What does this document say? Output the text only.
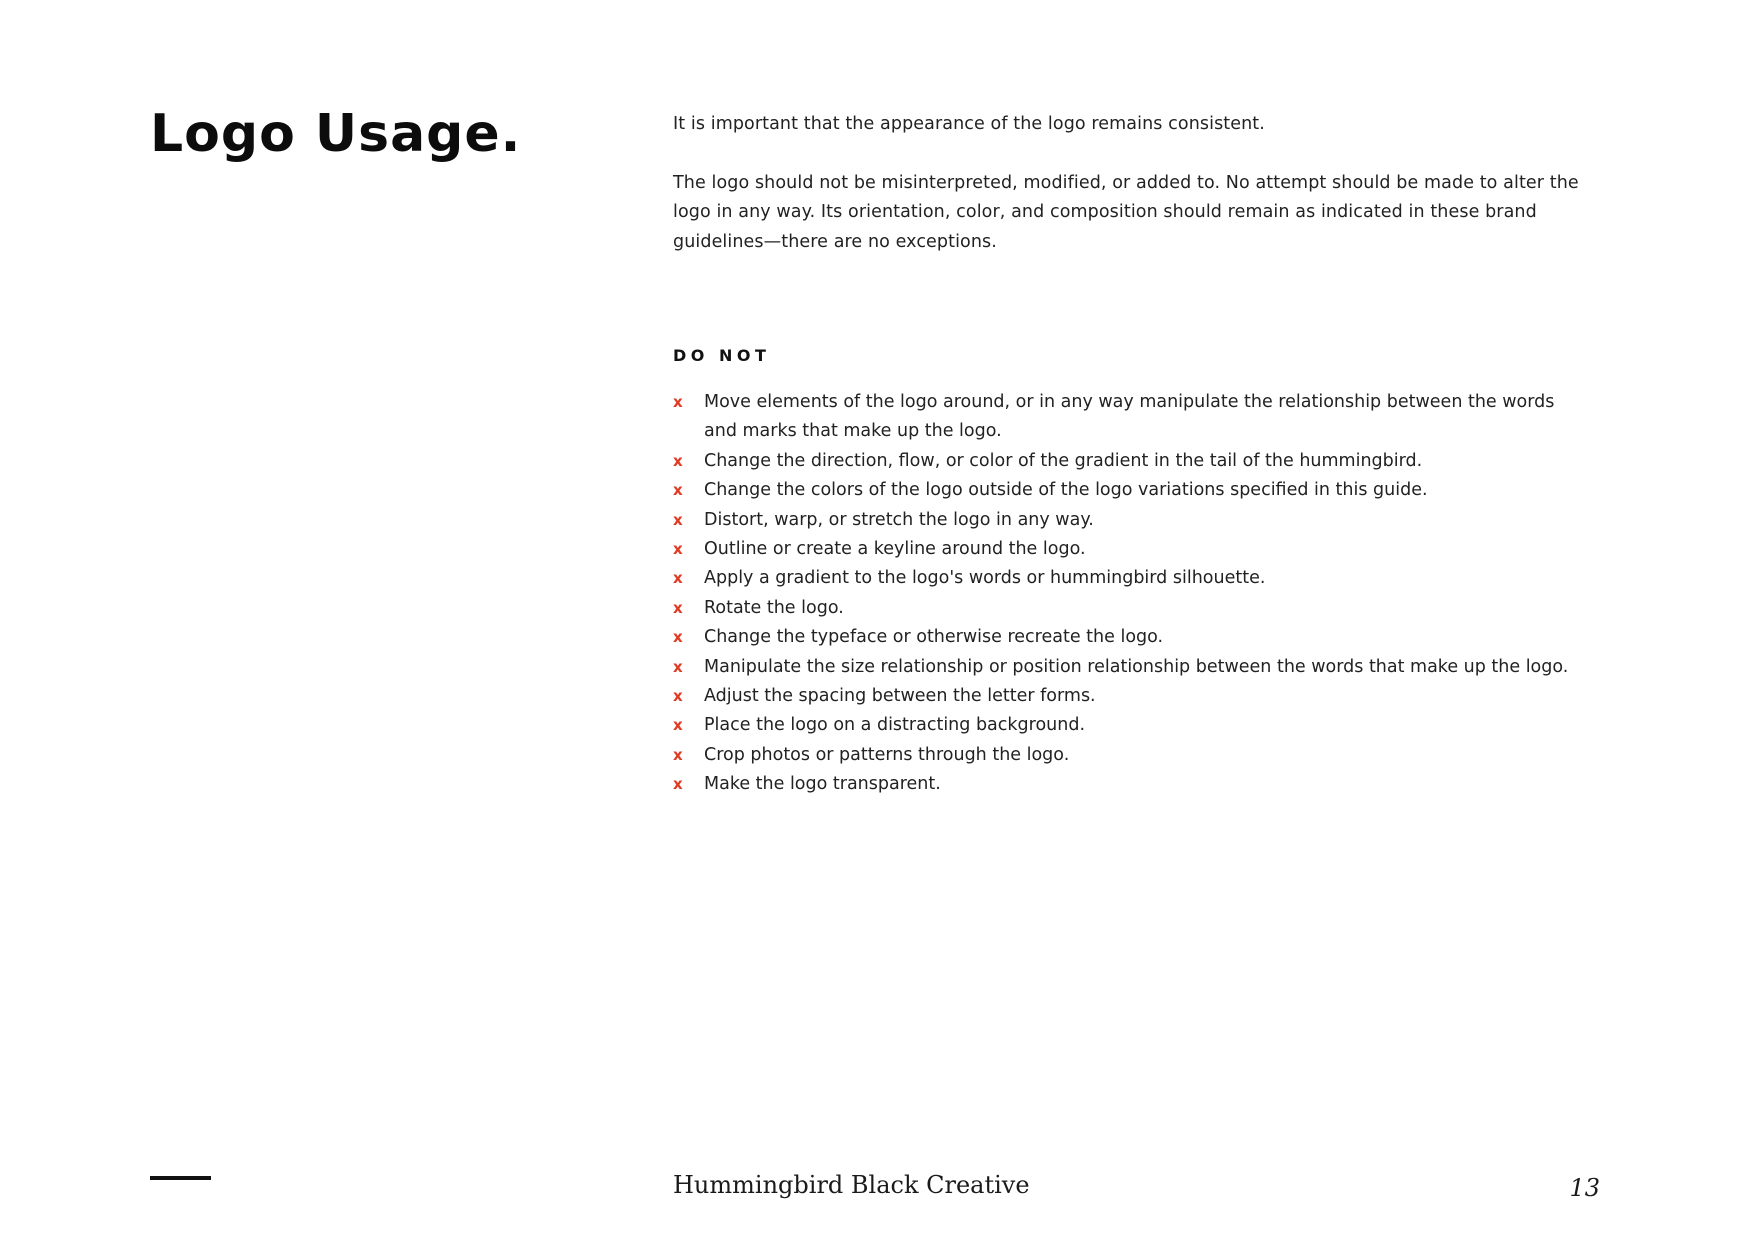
Logo Usage.	It is important that the appearance of the logo remains consistent.

The logo should not be misinterpreted, modified, or added to. No attempt should be made to alter the logo in any way. Its orientation, color, and composition should remain as indicated in these brand guidelines—there are no exceptions.

DO NOT
x Move elements of the logo around, or in any way manipulate the relationship between the words and marks that make up the logo.
x Change the direction, flow, or color of the gradient in the tail of the hummingbird.
x Change the colors of the logo outside of the logo variations specified in this guide.
x Distort, warp, or stretch the logo in any way.
x Outline or create a keyline around the logo.
x Apply a gradient to the logo's words or hummingbird silhouette.
x Rotate the logo.
x Change the typeface or otherwise recreate the logo.
x Manipulate the size relationship or position relationship between the words that make up the logo.
x Adjust the spacing between the letter forms.
x Place the logo on a distracting background.
x Crop photos or patterns through the logo.
x Make the logo transparent.
Hummingbird Black Creative	13
